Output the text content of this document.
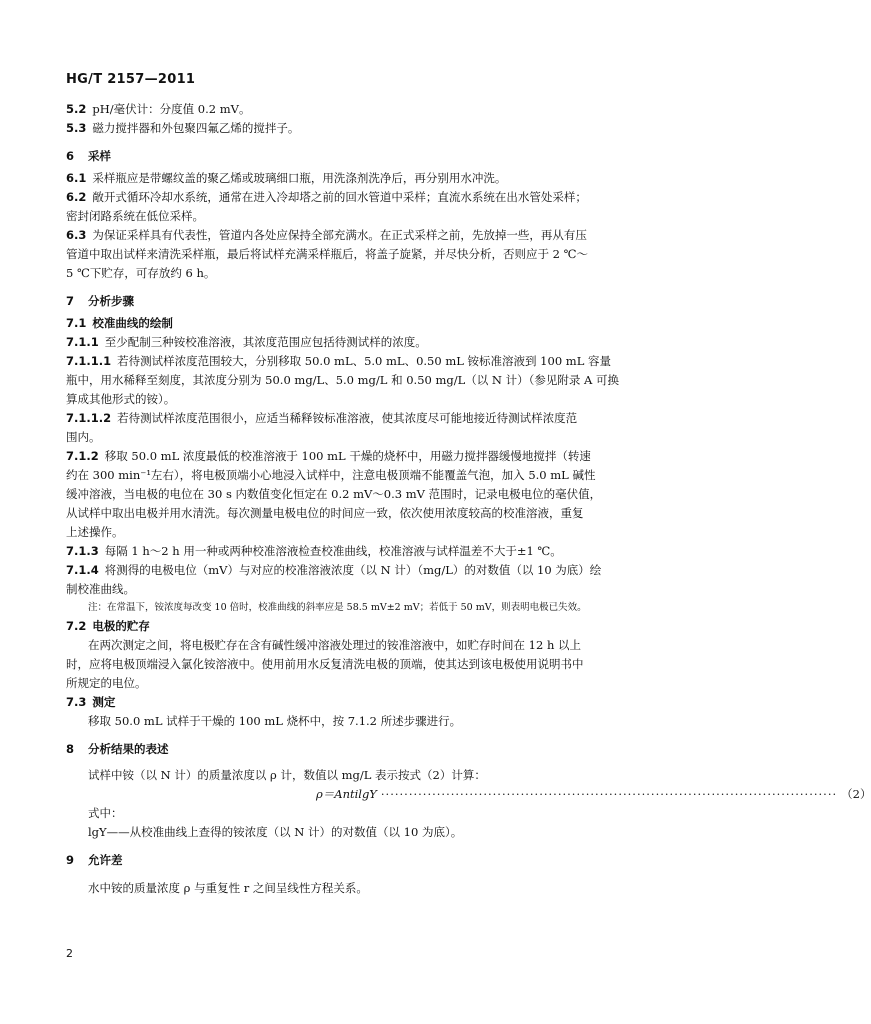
HG/T 2157—2011
5.2 pH/毫伏计：分度值 0.2 mV。
5.3 磁力搅拌器和外包聚四氟乙烯的搅拌子。
6 采样
6.1 采样瓶应是带螺纹盖的聚乙烯或玻璃细口瓶，用洗涤剂洗净后，再分别用水冲洗。
6.2 敞开式循环冷却水系统，通常在进入冷却塔之前的回水管道中采样；直流水系统在出水管处采样；
密封闭路系统在低位采样。
6.3 为保证采样具有代表性，管道内各处应保持全部充满水。在正式采样之前，先放掉一些，再从有压
管道中取出试样来清洗采样瓶，最后将试样充满采样瓶后，将盖子旋紧，并尽快分析，否则应于 2 ℃～
5 ℃下贮存，可存放约 6 h。
7 分析步骤
7.1 校准曲线的绘制
7.1.1 至少配制三种铵校准溶液，其浓度范围应包括待测试样的浓度。
7.1.1.1 若待测试样浓度范围较大，分别移取 50.0 mL、5.0 mL、0.50 mL 铵标准溶液到 100 mL 容量
瓶中，用水稀释至刻度，其浓度分别为 50.0 mg/L、5.0 mg/L 和 0.50 mg/L（以 N 计）（参见附录 A 可换
算成其他形式的铵）。
7.1.1.2 若待测试样浓度范围很小，应适当稀释铵标准溶液，使其浓度尽可能地接近待测试样浓度范
围内。
7.1.2 移取 50.0 mL 浓度最低的校准溶液于 100 mL 干燥的烧杯中，用磁力搅拌器缓慢地搅拌（转速
约在 300 min⁻¹左右），将电极顶端小心地浸入试样中，注意电极顶端不能覆盖气泡，加入 5.0 mL 碱性
缓冲溶液，当电极的电位在 30 s 内数值变化恒定在 0.2 mV～0.3 mV 范围时，记录电极电位的毫伏值，
从试样中取出电极并用水清洗。每次测量电极电位的时间应一致，依次使用浓度较高的校准溶液，重复
上述操作。
7.1.3 每隔 1 h～2 h 用一种或两种校准溶液检查校准曲线，校准溶液与试样温差不大于±1 ℃。
7.1.4 将测得的电极电位（mV）与对应的校准溶液浓度（以 N 计）（mg/L）的对数值（以 10 为底）绘
制校准曲线。
注：在常温下，铵浓度每改变 10 倍时，校准曲线的斜率应是 58.5 mV±2 mV；若低于 50 mV，则表明电极已失效。
7.2 电极的贮存
在两次测定之间，将电极贮存在含有碱性缓冲溶液处理过的铵准溶液中，如贮存时间在 12 h 以上
时，应将电极顶端浸入氯化铵溶液中。使用前用水反复清洗电极的顶端，使其达到该电极使用说明书中
所规定的电位。
7.3 测定
移取 50.0 mL 试样于干燥的 100 mL 烧杯中，按 7.1.2 所述步骤进行。
8 分析结果的表述
试样中铵（以 N 计）的质量浓度以 ρ 计，数值以 mg/L 表示按式（2）计算：
ρ＝AntilgY ·································································································· （2）
式中：
lgY——从校准曲线上查得的铵浓度（以 N 计）的对数值（以 10 为底）。
9 允许差
水中铵的质量浓度 ρ 与重复性 r 之间呈线性方程关系。
2
